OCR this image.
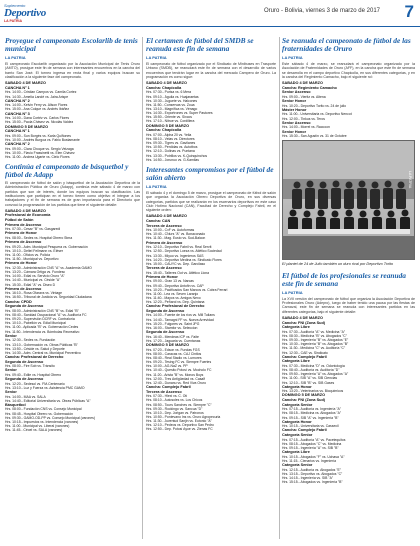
Suplemento
Deportivo
LA PATRIA
Oruro - Bolivia, viernes 3 de marzo de 2017 7
Proyegue el campeonato Escolarlib de tenis municipal
LA PATRIA
El campeonato Escolarlib organizado por la Asociación Municipal de Tenis Oruro (AMTO), prosigue este fin de semana con interesantes encuentros en la cancha del barrio San José. El torneo ingresa en recta final y varios equipos buscan su clasificación a la siguiente fase del campeonato.
SABADO 4 DE MARZO
CANCHA N° 1
Hrs. 14:00.- Cristian Campos vs. Camila Cortez
Hrs. 14:30.- Amelia Landé vs. Jaira Arispe
CANCHA N° 2
Hrs. 14:00.- Kelvin Ferry vs. Alison Flores
Hrs. 15:00.- Ana Colque vs. Andrés Ibáñez
CANCHA N° 3
Hrs. 14:00.- Dana Cortéz vs. Carlos Flores
Hrs. 15:00.- Paola Chávez vs. Nicolás Valdez
DOMINGO 5 DE MARZO
CANCHA N° 1
Hrs. 09:00.- Sun Borgés vs. Karla Quiñones
Hrs. 10:00.- Andrés Burgoa vs. Fabio Bustamante
CANCHA N° 2
Hrs. 09:00.- Clara Choque vs. Sergio Veizaga
Hrs. 10:00.- Flavio Frassinetti vs. Elen Chávez
Hrs. 11:00.- Andrea Ugarte vs. Cielo Flores
Continúa el campeonato de básquetbol y fútbol de Adapp
El campeonato de fútbol de salón y básquetbol de la Asociación Deportiva de la Administración Pública de Oruro (Adapp), continúa este sábado 4 de marzo con partidos que son de interés, donde los equipos buscan su clasificación. Las instituciones que participan en el torneo tienen como objetivo el integrar a los trabajadores y el fin de semana es de gran importancia para el Directorio que convocó la programación de los partidos que tiene el siguiente detalle:
SABADO 4 DE MARZO
Profesional de Economía
Fútbol de Salón
Primera de Ascenso
Hrs. 07:30.- Cesar "B" vs. Gasgaredi
Primera de Honor
Hrs. 08:00.- Sedes vs. Hospital Obrero Stma
Primera de Ascenso
Hrs. 09:20.- Adm. Municipal Pesquera vs. Gobernación
Hrs. 10:10.- Deltel Fellmann vs. Eléser
Hrs. 11:00.- Oficios vs. Policia
Hrs. 11:50.- Municipal vs. Deportivo
Primera de Honor
Hrs. 12:30.- Administración CNS "A" vs. Academia GAMO
Hrs. 13:20.- Cámara Ortiga vs. Fundesc
Hrs. 14:00.- Edial vs. Servicio Oruro "A"
Hrs. 14:40.- Municipal vs. Céside "A"
Hrs. 15:30.- Edial "A" vs. Diseo D
Primera de Ascenso
Hrs. 16:10.- Rosa Ofaraxs vs. Vintage
Hrs. 16:50.- Tribunal de Justicia vs. Seguridad Ciudadana
Cancha: CPDD
Segunda de Ascenso
Hrs. 08:00.- Administración CNS "B" vs. Edial "B"
Hrs. 08:40.- Sanidad Ocupacional "A" vs. Auditoría FC
Hrs. 09:20.- Supervisión DCRF vs. Contraloría
Hrs. 10:10.- Pabellón vs. Edial Municipal
Hrs. 11:00.- Aplicada "B" vs. Gobernación Cedes
Hrs. 11:50.- Intendencia vs. Bómbolas Recreativo
Senior
Hrs. 12:30.- Sedes vs. Fundación
Hrs. 13:10.- Gobernación vs. Obras Públicas "B"
Hrs. 13:50.- Céside vs. Salud y Deporte
Hrs. 14:30.- Adm. Central vs. Municipal Preventivo
Cancha: Profesional de Derecho
Segunda de Ascenso
Hrs. 08:00.- Fire Sob vs. Tránsito
Senior
Hrs. 09:40.- Edile vs. Hospital Obrero
Segunda de Ascenso
Hrs. 12:20.- Sedesol vs. FM-Centenario
Hrs. 13:10.- Luz y Fuerza vs. Asistencia PMC GAMO
Senior
Hrs. 14:00.- MAA vs. SALA
Hrs. 14:40.- Editorial Universitaria vs. Obras Públicas "A"
Básquetbol
Hrs. 08:00.- Fundación CNS vs. Consejo Municipal
Hrs. 08:45.- Hospital Obrero vs. Gobernación
Hrs. 09:30.- GAMO-OD-PP vs. Consejo Municipal (varones)
Hrs. 10:15.- Impuestos vs. Intendencia (varones)
Hrs. 11:00.- Municipal vs. Liberal (varones)
Hrs. 11:45.- Céoel vs. SALA (varones)
El certamen de fútbol del SMDB se reanuda este fin de semana
LA PATRIA
El campeonato de fútbol organizado por el Sindicato de Minibuses en Trasporte Urbano (SMDB), se reanudará este fin de semana con el desarrollo de varios encuentros que tendrán lugar en la cancha del mercado Campero de Oruro. La programación es como sigue:
SABADO 4 DE MARZO
Cancha: Chapicolla
Hrs. 07:30.- Purisa vs. 6 Mera
Hrs. 09:10.- Águila vs. Huajaraetas
Hrs. 10:30.- Juguete vs. Halcones
Hrs. 11:50.- Conservas vs. Zoua
Hrs. 13:10.- Magnífica vs. Vénago
Hrs. 14:30.- Exportrones vs. Super Pastores
Hrs. 15:50.- Oriente vs. Sixcos
Hrs. 17:10.- Nitrue vs. Cordillera
DOMINGO 5 DE MARZO
Cancha: Chapicolla
Hrs. 07:00.- Alpha 20 vs. Yelia
Hrs. 08:10.- Velas vs. Directores
Hrs. 09:30.- Tigres vs. Gavilanes
Hrs. 10:50.- Perdidas vs. Autotbos
Hrs. 12:10.- Dolinas vs. Puntana
Hrs. 13:30.- Potrillos vs. K-Quinquinchos
Hrs. 14:50.- Jorunuo vs. G-Kamilas
Interesantes compromisos por el fútbol de salón abierto
LA PATRIA
El sábado 4 y el domingo 5 de marzo, prosigue el campeonato de fútbol de salón que organiza la Asociación Obrero Deportiva de Oruro, en sus diversas categorías, partidos que se realizarán en los escenarios deportivos en este caso Club Hotimo Nacional (CAN), Facultad de Derecho y Complejo Fabril, en el siguiente orden:
SABADO 4 DE MARZO
Cancha: CAN
Tercera de Ascenso
Hrs. 10:00.- CxF vs. Autoformas
Hrs. 10:40.- CNurs "A" vs. Bonaconado
Hrs. 11:30.- Mag. Eusto vs. Sud-Balcon
Primera de Ascenso
Hrs. 12:10.- Deportivo Fabril vs. Real Servit
Hrs. 12:50.- Deportivo Loeza vs. Atlético Sociedad
Hrs. 13:30.- Miyuo vs. Ingenieros SAS
Hrs. 14:20.- Deportivo Medina vs. Sindicato Flores
Hrs. 15:00.- CAUYC vs. Dep. Garcilaso
Tercera de Ascenso
Hrs. 15:40.- Talleres Out vs. Atlético Llona
Primera de Honor
Hrs. 09:00.- Gran 13 vs. Narcas
Hrs. 09:40.- Deportivo Antofin vs. CAP
Hrs. 10:20.- Pacificados San Marcos vs. Cobra Ferrari
Hrs. 11:00.- Lea vs. Seven Laranjo
Hrs. 11:40.- Mayos vs. Amigos Nexo
Hrs. 12:20.- Peñarol vs. Dep. Quintana
Cancha: Profesional de Derecho
Segunda de Ascenso
Hrs. 14:00.- Fuente de los ríos vs. Mill Tulians
Hrs. 14:40.- Tamagni FF vs. Nueva Arrevidad
Hrs. 15:20.- Fulgores vs. Saint JPG
Hrs. 16:00.- Stamfor vs. Seleccion
Segunda de Ascenso
Hrs. 16:40.- Mendeas ICP vs. Faite
Hrs. 17:20.- Jaguaria vs. Cuentanas
DOMINGO 5 DE MARZO
Hrs. 07:20.- Edson vs. Fundas FGS
Hrs. 08:00.- Caracas vs. CAJ Cintlos
Hrs. 08:40.- Real Stadio vs. Lumores
Hrs. 09:20.- Tesing FC vs. Siempre Fuertes
Hrs. 10:00.- AG-NaZ vs. PP
Hrs. 10:40.- Quesito Potosí vs. Mocholo FC
Hrs. 11:20.- Arista "B" vs. Monos Boys
Hrs. 12:00.- Tres Antigüedad vs. Casalf
Hrs. 12:40.- Dunanu vs. Red Viva Oruro
Cancha: Complejo Fabril
Tercera de Ascenso
Hrs. 07:30.- Hlexi vs. C. Oti
Hrs. 08:10.- Autosoles vs. Los Chicos
Hrs. 08:50.- Tours Sanches vs. Siempre "C"
Hrs. 09:30.- Rockingo vs. Sancua "D"
Hrs. 10:10.- Dep. Jorigan vs. Patronos
Hrs. 10:50.- Pontevano Ins vs. Oruro Agropecuria
Hrs. 11:30.- Juventud Sanjin vs. Eutonio "A"
Hrs. 12:10.- Pedeos vs. Deportivo San Pedro
Hrs. 12:50.- Dep. Potosí Ayoe vs. Zienas FC
Se reanuda el campeonato de fútbol de las fraternidades de Oruro
LA PATRIA
Este sábado 4 de marzo, se reanudará el campeonato organizado por la Asociación de Fraternidades de Oruro (AFF), en la cancha que este fin de semana se desarrolla en el campo deportivo Chapicolla, en sus diferentes categorías, y en la cancha del Regimiento Camacho, bajo el siguiente rol:
SABADO 4 DE MARZO
Cancha: Regimiento Camacho
Senior Ascenso
Hrs. 09:00.- Vieritz vs. Altena
Senior Honor
Hrs. 10:20.- Deportivo Torito vs. 24 de julio
Máster Honor
Hrs. 11:00.- Universitaria vs. Deportivo Nencot
Hrs. 12:00.- Tinkus vs. Teros
Senior Ascenso
Hrs. 14:00.- Morrel vs. Raccoon
Senior Honor
Hrs. 15:30.- San Agustín vs. 31 de Octubre
LA PATRIA
El plantel de 24 de Julio también un duro rival por Deportivo Torito
El fútbol de los profesionales se reanuda este fin de semana
LA PATRIA
La XVII versión del campeonato de fútbol que organiza la Asociación Deportiva de Profesionales Oruro (Adepro), luego de haber tenido una pausa por las fiestas de Carnaval, este fin de semana se reanuda con interesantes partidos en las diferentes categorías, bajo el siguiente detalle:
SABADO 4 DE MARZO
Cancha: FNI (Zona Sud)
Categoría Libre
Hrs. 07:30.- Auditoría "A" vs. Medicina "A"
Hrs. 08:30.- Medicina "B" vs. Abogados "C"
Hrs. 09:30.- Ingeniería "B" vs. Abogados "E"
Hrs. 10:30.- Ingeniería "B" vs. Abogados "B"
Hrs. 11:30.- Medicina "C" vs. Auditoría "C"
Hrs. 12:30.- CAE vs. Sindicato
Cancha: Complejo Fabril
Categoría Libre
Hrs. 07:30.- Medicina "D" vs. Odontología
Hrs. 08:40.- Auditoría vs. Auditoría "D"
Hrs. 09:50.- Ingeniería "A" vs. Abogados "A"
Hrs. 11:00.- SIB "A" vs. SIB Ciencias
Hrs. 12:10.- SIB "B" vs. SIB Gases
Categoría Honor
Hrs. 13:20.- Veterinarios vs. Bioquímicos
DOMINGO 5 DE MARZO
Cancha: FNI (Zona Sud)
Categoría Senior
Hrs. 07:15.- Auditoría vs. Ingeniería "A"
Hrs. 08:15.- Medicina vs. Abogados "A"
Hrs. 09:15.- SIB "A" vs. Ingeniería "B"
Categoría Honor
Hrs. 10:15.- Universitaria vs. Cassecil
Cancha: Complejo Fabril
Categoría Senior
Hrs. 07:15.- Auditoría "A" vs. Pacetequitos
Hrs. 08:15.- Abogados "C" vs. Medicina
Hrs. 09:15.- Ingeniería "A" vs. SIB "B"
Categoría Libre
Hrs. 10:15.- Abogados "F" vs. Uchasa "A"
Hrs. 11:15.- Cienarios vs. Ingeniería
Categoría Senior
Hrs. 12:15.- Auditoría vs. Abogados "E"
Hrs. 13:15.- Deportivo vs. Abogados "C"
Hrs. 14:15.- Ingeniería vs. SIB "A"
Hrs. 15:15.- Abogados vs. Ingeniería "B"
